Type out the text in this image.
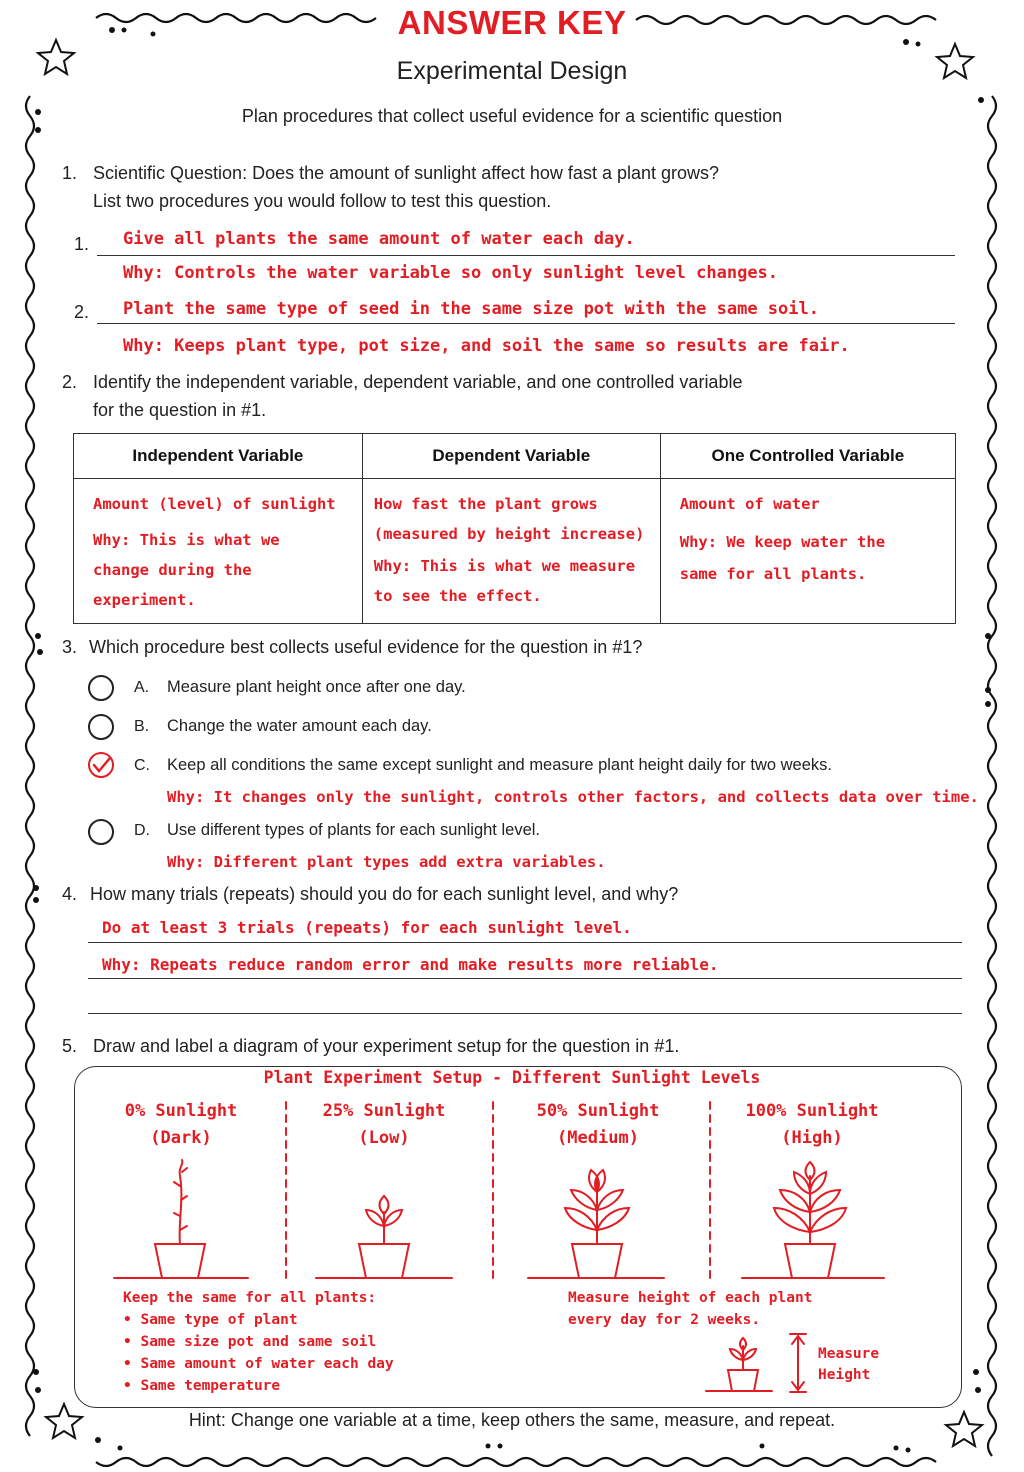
ANSWER KEY
Experimental Design
Plan procedures that collect useful evidence for a scientific question
1. Scientific Question: Does the amount of sunlight affect how fast a plant grows?
List two procedures you would follow to test this question.
1. Give all plants the same amount of water each day.
Why: Controls the water variable so only sunlight level changes.
2. Plant the same type of seed in the same size pot with the same soil.
Why: Keeps plant type, pot size, and soil the same so results are fair.
2. Identify the independent variable, dependent variable, and one controlled variable
for the question in #1.
Independent Variable	Dependent Variable	One Controlled Variable

Amount (level) of sunlight
Why: This is what we
change during the
experiment.	How fast the plant grows
(measured by height increase)
Why: This is what we measure
to see the effect.	Amount of water
Why: We keep water the
same for all plants.
3. Which procedure best collects useful evidence for the question in #1?
A. Measure plant height once after one day.
B. Change the water amount each day.
C. Keep all conditions the same except sunlight and measure plant height daily for two weeks.
Why: It changes only the sunlight, controls other factors, and collects data over time.
D. Use different types of plants for each sunlight level.
Why: Different plant types add extra variables.
4. How many trials (repeats) should you do for each sunlight level, and why?
Do at least 3 trials (repeats) for each sunlight level.
Why: Repeats reduce random error and make results more reliable.
5. Draw and label a diagram of your experiment setup for the question in #1.
Plant Experiment Setup - Different Sunlight Levels
0% Sunlight
(Dark)
25% Sunlight
(Low)
50% Sunlight
(Medium)
100% Sunlight
(High)
Keep the same for all plants:
• Same type of plant
• Same size pot and same soil
• Same amount of water each day
• Same temperature
Measure height of each plant
every day for 2 weeks.
Measure
Height
Hint: Change one variable at a time, keep others the same, measure, and repeat.
